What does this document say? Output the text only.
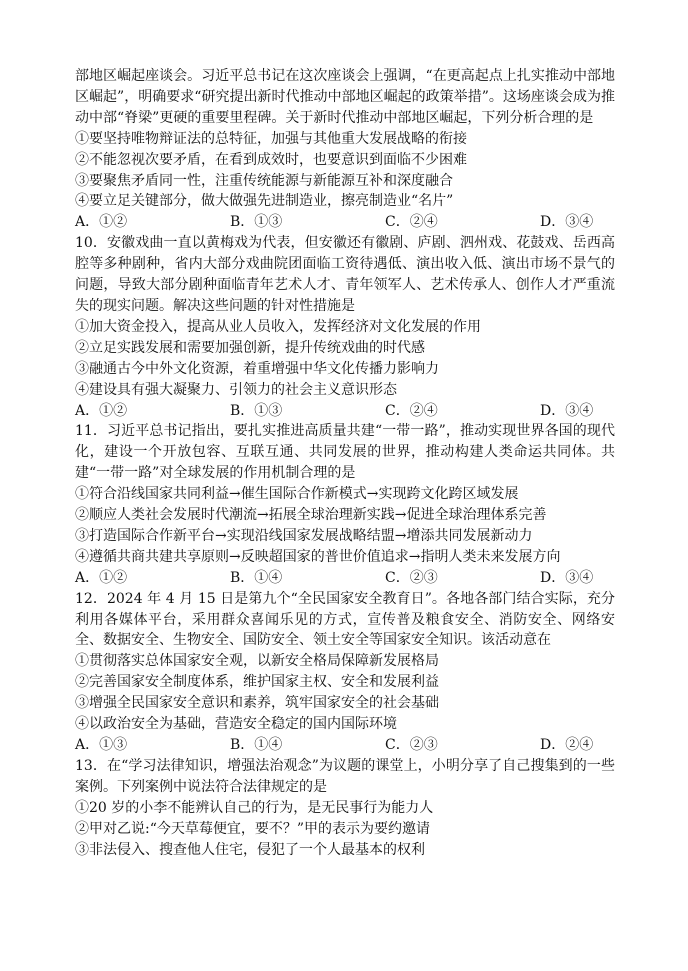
部地区崛起座谈会。习近平总书记在这次座谈会上强调，“在更高起点上扎实推动中部地区崛起”，明确要求“研究提出新时代推动中部地区崛起的政策举措”。这场座谈会成为推动中部“脊梁”更硬的重要里程碑。关于新时代推动中部地区崛起，下列分析合理的是

①要坚持唯物辩证法的总特征，加强与其他重大发展战略的衔接

②不能忽视次要矛盾，在看到成效时，也要意识到面临不少困难

③要聚焦矛盾同一性，注重传统能源与新能源互补和深度融合

④要立足关键部分，做大做强先进制造业，擦亮制造业“名片”

A．①②	B．①③	C．②④	D．③④

10．安徽戏曲一直以黄梅戏为代表，但安徽还有徽剧、庐剧、泗州戏、花鼓戏、岳西高腔等多种剧种，省内大部分戏曲院团面临工资待遇低、演出收入低、演出市场不景气的问题，导致大部分剧种面临青年艺术人才、青年领军人、艺术传承人、创作人才严重流失的现实问题。解决这些问题的针对性措施是

①加大资金投入，提高从业人员收入，发挥经济对文化发展的作用

②立足实践发展和需要加强创新，提升传统戏曲的时代感

③融通古今中外文化资源，着重增强中华文化传播力影响力

④建设具有强大凝聚力、引领力的社会主义意识形态

A．①②	B．①③	C．②④	D．③④

11．习近平总书记指出，要扎实推进高质量共建“一带一路”，推动实现世界各国的现代化，建设一个开放包容、互联互通、共同发展的世界，推动构建人类命运共同体。共建“一带一路”对全球发展的作用机制合理的是

①符合沿线国家共同利益→催生国际合作新模式→实现跨文化跨区域发展

②顺应人类社会发展时代潮流→拓展全球治理新实践→促进全球治理体系完善

③打造国际合作新平台→实现沿线国家发展战略结盟→增添共同发展新动力

④遵循共商共建共享原则→反映超国家的普世价值追求→指明人类未来发展方向

A．①②	B．①④	C．②③	D．③④

12．2024 年 4 月 15 日是第九个“全民国家安全教育日”。各地各部门结合实际，充分利用各媒体平台，采用群众喜闻乐见的方式，宣传普及粮食安全、消防安全、网络安全、数据安全、生物安全、国防安全、领土安全等国家安全知识。该活动意在

①贯彻落实总体国家安全观，以新安全格局保障新发展格局

②完善国家安全制度体系，维护国家主权、安全和发展利益

③增强全民国家安全意识和素养，筑牢国家安全的社会基础

④以政治安全为基础，营造安全稳定的国内国际环境

A．①③	B．①④	C．②③	D．②④

13．在“学习法律知识，增强法治观念”为议题的课堂上，小明分享了自己搜集到的一些案例。下列案例中说法符合法律规定的是

①20 岁的小李不能辨认自己的行为，是无民事行为能力人

②甲对乙说:“今天草莓便宜，要不？”甲的表示为要约邀请

③非法侵入、搜查他人住宅，侵犯了一个人最基本的权利
